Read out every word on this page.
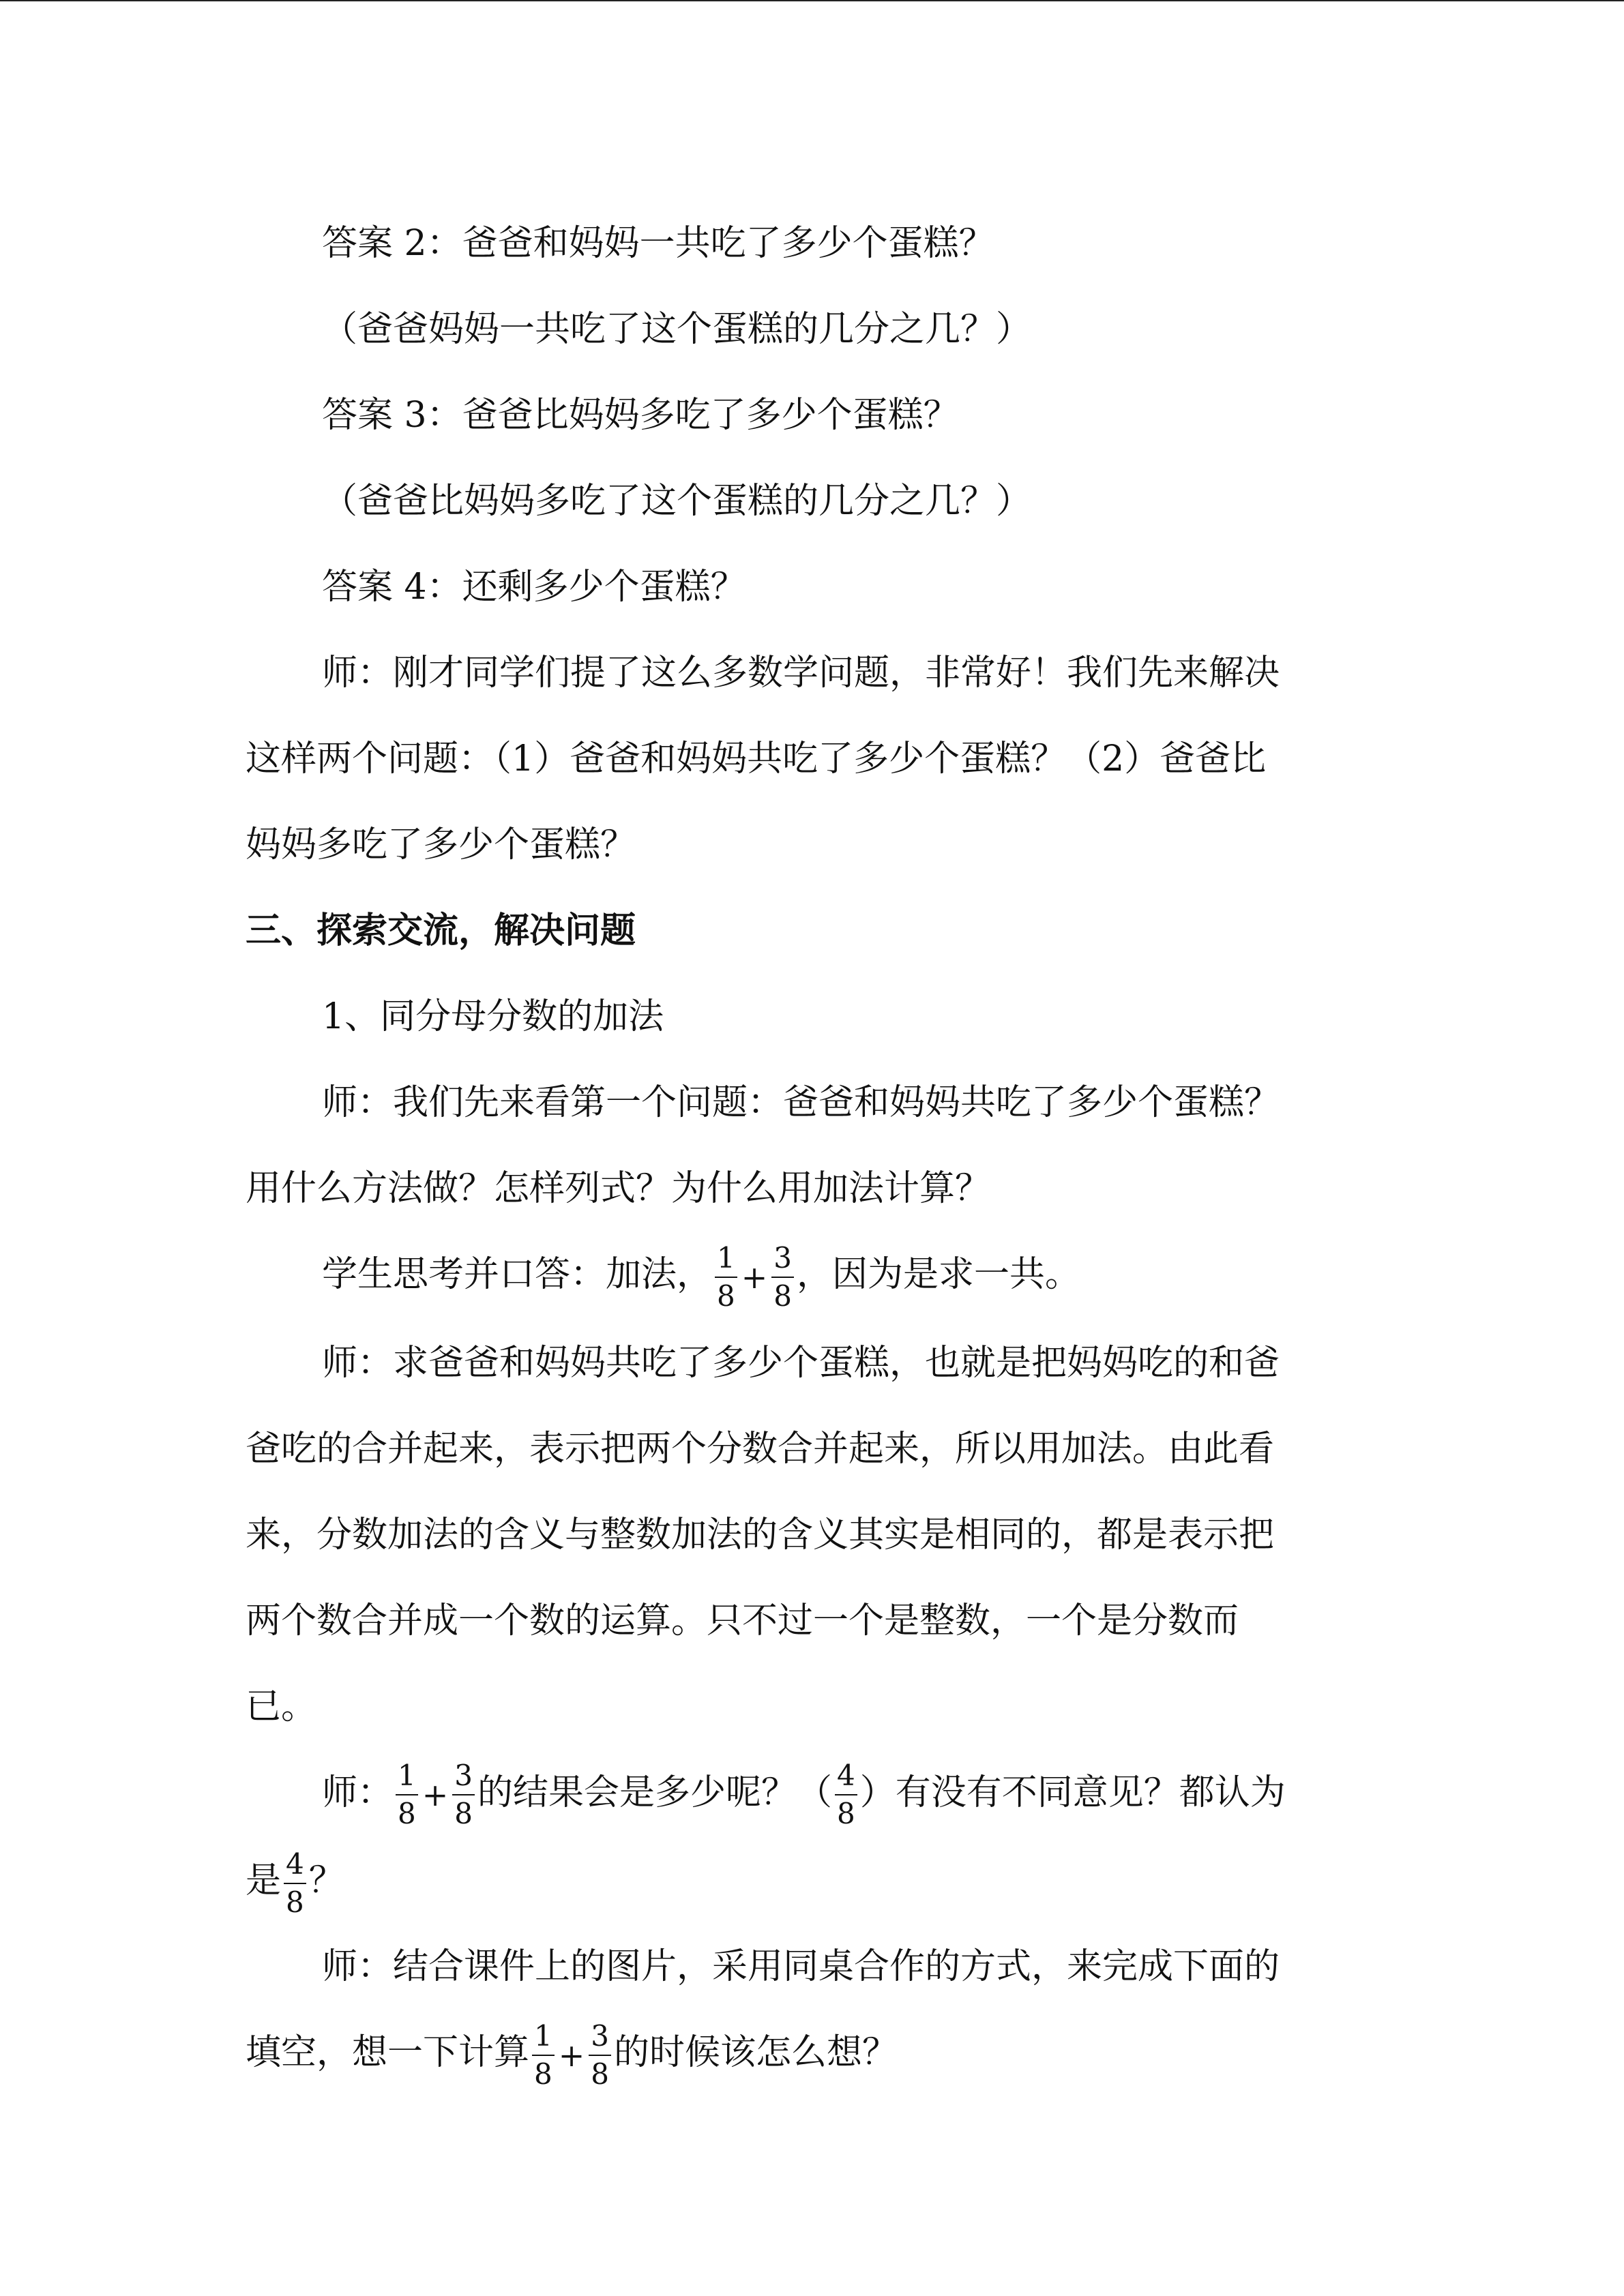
答案 2：爸爸和妈妈一共吃了多少个蛋糕？

（爸爸妈妈一共吃了这个蛋糕的几分之几？）

答案 3：爸爸比妈妈多吃了多少个蛋糕？

（爸爸比妈妈多吃了这个蛋糕的几分之几？）

答案 4：还剩多少个蛋糕？

师：刚才同学们提了这么多数学问题，非常好！我们先来解决

这样两个问题：（1）爸爸和妈妈共吃了多少个蛋糕？（2）爸爸比

妈妈多吃了多少个蛋糕？

三、探索交流，解决问题

1、同分母分数的加法

师：我们先来看第一个问题：爸爸和妈妈共吃了多少个蛋糕？

用什么方法做？怎样列式？为什么用加法计算？

学生思考并口答：加法， $\frac{1}{8} + \frac{3}{8}$ ，因为是求一共。

师：求爸爸和妈妈共吃了多少个蛋糕，也就是把妈妈吃的和爸

爸吃的合并起来，表示把两个分数合并起来，所以用加法。由此看

来，分数加法的含义与整数加法的含义其实是相同的，都是表示把

两个数合并成一个数的运算。只不过一个是整数，一个是分数而

已。

师： $\frac{1}{8} + \frac{3}{8}$ 的结果会是多少呢？（ $\frac{4}{8}$ ）有没有不同意见？都认为

是 $\frac{4}{8}$ ？

师：结合课件上的图片，采用同桌合作的方式，来完成下面的

填空，想一下计算 $\frac{1}{8} + \frac{3}{8}$ 的时候该怎么想？
